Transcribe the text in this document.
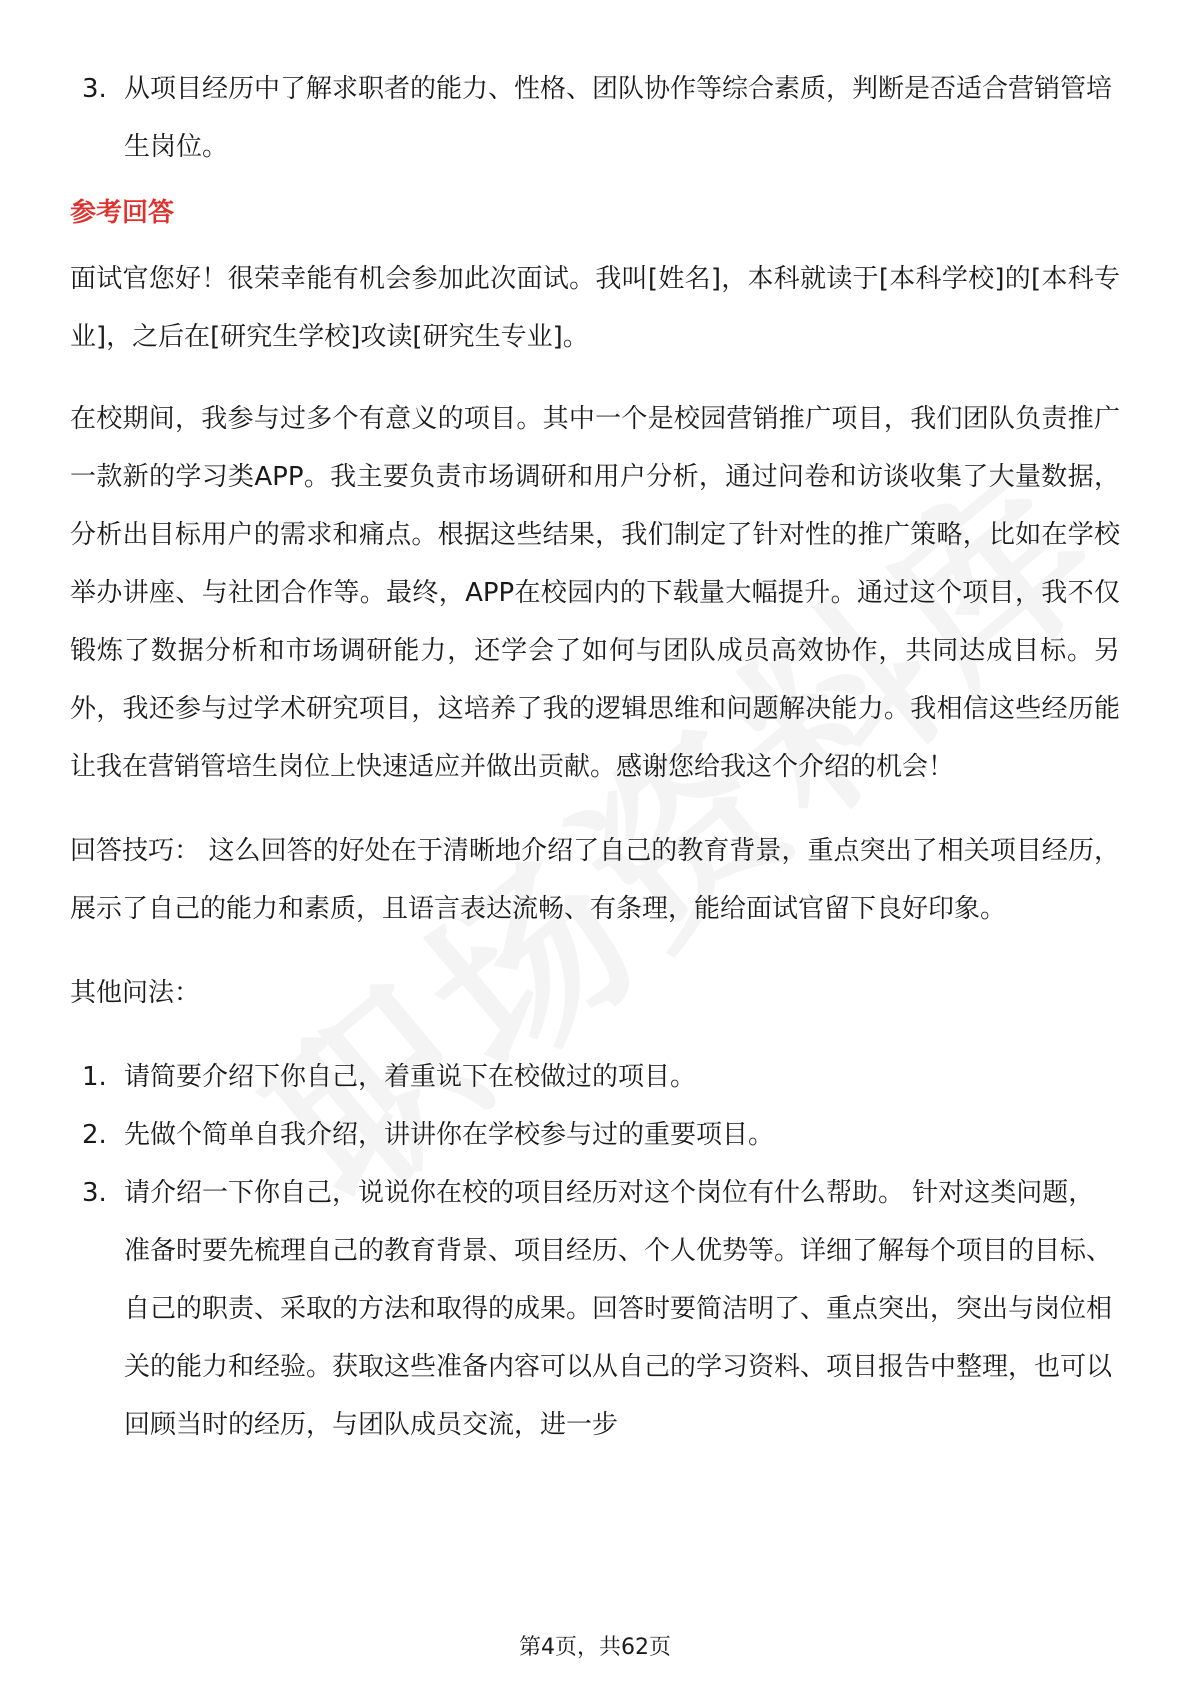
3. 从项目经历中了解求职者的能力、性格、团队协作等综合素质，判断是否适合营销管培生岗位。
参考回答

面试官您好！很荣幸能有机会参加此次面试。我叫[姓名]，本科就读于[本科学校]的[本科专业]，之后在[研究生学校]攻读[研究生专业]。

在校期间，我参与过多个有意义的项目。其中一个是校园营销推广项目，我们团队负责推广一款新的学习类APP。我主要负责市场调研和用户分析，通过问卷和访谈收集了大量数据，分析出目标用户的需求和痛点。根据这些结果，我们制定了针对性的推广策略，比如在学校举办讲座、与社团合作等。最终，APP在校园内的下载量大幅提升。通过这个项目，我不仅锻炼了数据分析和市场调研能力，还学会了如何与团队成员高效协作，共同达成目标。另外，我还参与过学术研究项目，这培养了我的逻辑思维和问题解决能力。我相信这些经历能让我在营销管培生岗位上快速适应并做出贡献。感谢您给我这个介绍的机会！

回答技巧： 这么回答的好处在于清晰地介绍了自己的教育背景，重点突出了相关项目经历，展示了自己的能力和素质，且语言表达流畅、有条理，能给面试官留下良好印象。

其他问法：

1. 请简要介绍下你自己，着重说下在校做过的项目。
2. 先做个简单自我介绍，讲讲你在学校参与过的重要项目。
3. 请介绍一下你自己，说说你在校的项目经历对这个岗位有什么帮助。 针对这类问题，准备时要先梳理自己的教育背景、项目经历、个人优势等。详细了解每个项目的目标、自己的职责、采取的方法和取得的成果。回答时要简洁明了、重点突出，突出与岗位相关的能力和经验。获取这些准备内容可以从自己的学习资料、项目报告中整理，也可以回顾当时的经历，与团队成员交流，进一步
第4页，共62页
